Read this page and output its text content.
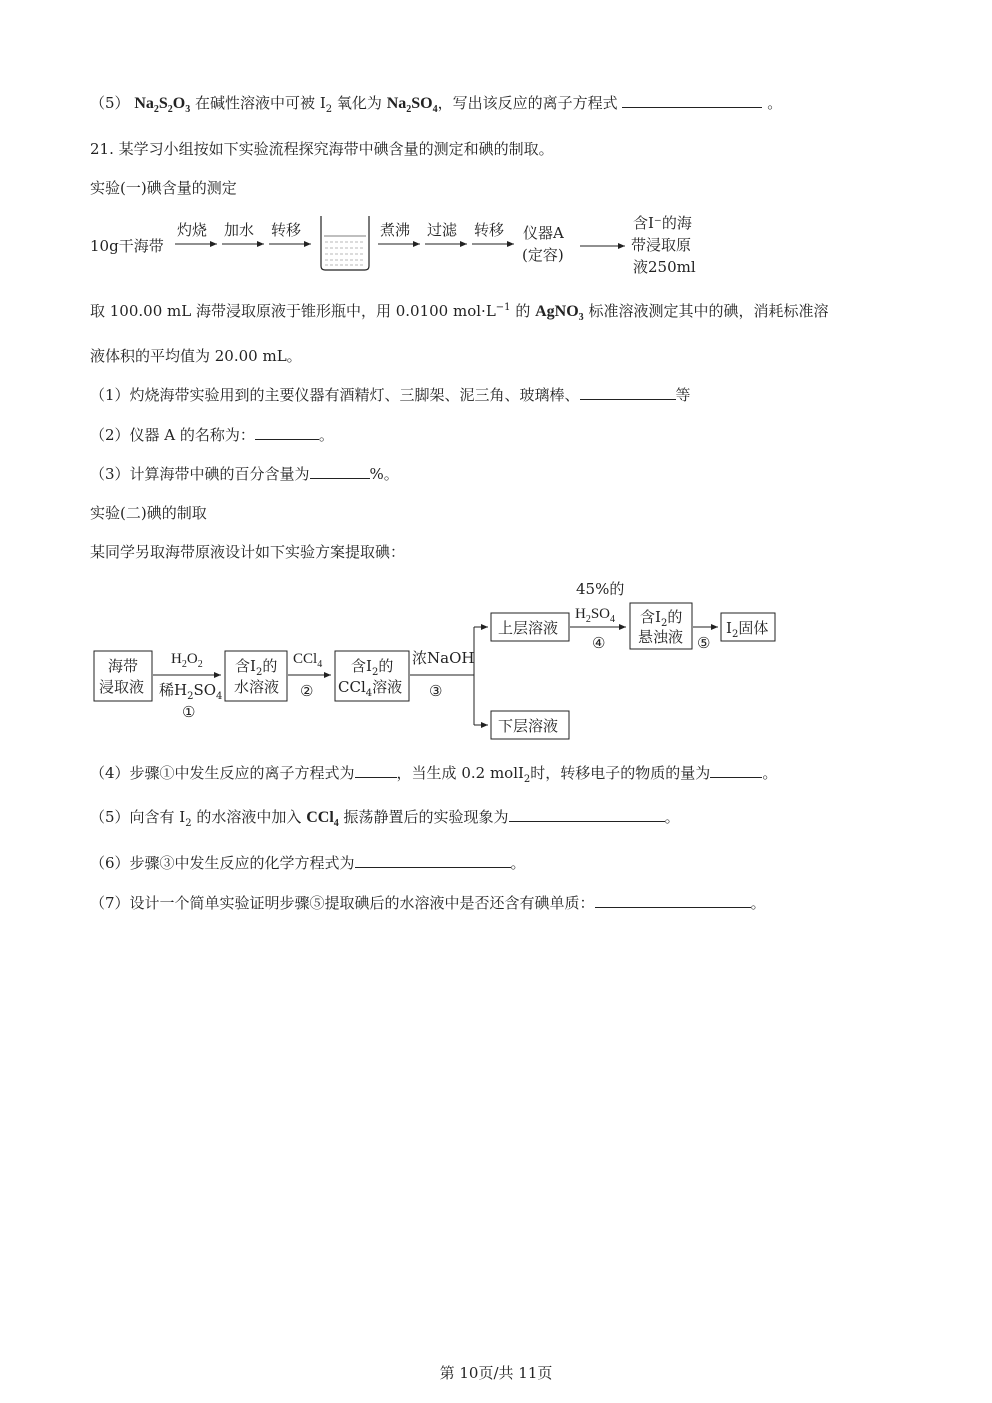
（5） $Na_2S_2O_3$ 在碱性溶液中可被 $I_2$ 氧化为 $Na_2SO_4$，写出该反应的离子方程式	。
21. 某学习小组按如下实验流程探究海带中碘含量的测定和碘的制取。
实验(一)碘含量的测定
10g干海带
灼烧 加水 转移	煮沸 过滤 转移 仪器A
(定容)
含I⁻的海
带浸取原
液250ml
取 100.00 mL 海带浸取原液于锥形瓶中，用 0.0100 $mol\cdot L^{-1}$ 的 AgNO$_3$ 标准溶液测定其中的碘，消耗标准溶
液体积的平均值为 20.00 mL。
（1）灼烧海带实验用到的主要仪器有酒精灯、三脚架、泥三角、玻璃棒、	等
（2）仪器 A 的名称为：	。
（3）计算海带中碘的百分含量为	%。
实验(二)碘的制取
某同学另取海带原液设计如下实验方案提取碘：
海带
浸取液
$H_2O_2$
稀$H_2SO_4$
①
含$I_2$的
水溶液
CCl$_4$
②
含$I_2$的
CCl$_4$溶液
浓NaOH
③
上层溶液
下层溶液
45%的
$H_2SO_4$
④
含$I_2$的
悬浊液 ⑤
$I_2$固体
（4）步骤①中发生反应的离子方程式为	，当生成 0.2 molI$_2$时，转移电子的物质的量为	。
（5）向含有 $I_2$ 的水溶液中加入 CCl$_4$ 振荡静置后的实验现象为	。
（6）步骤③中发生反应的化学方程式为	。
（7）设计一个简单实验证明步骤⑤提取碘后的水溶液中是否还含有碘单质：	。
第 10页/共 11页
